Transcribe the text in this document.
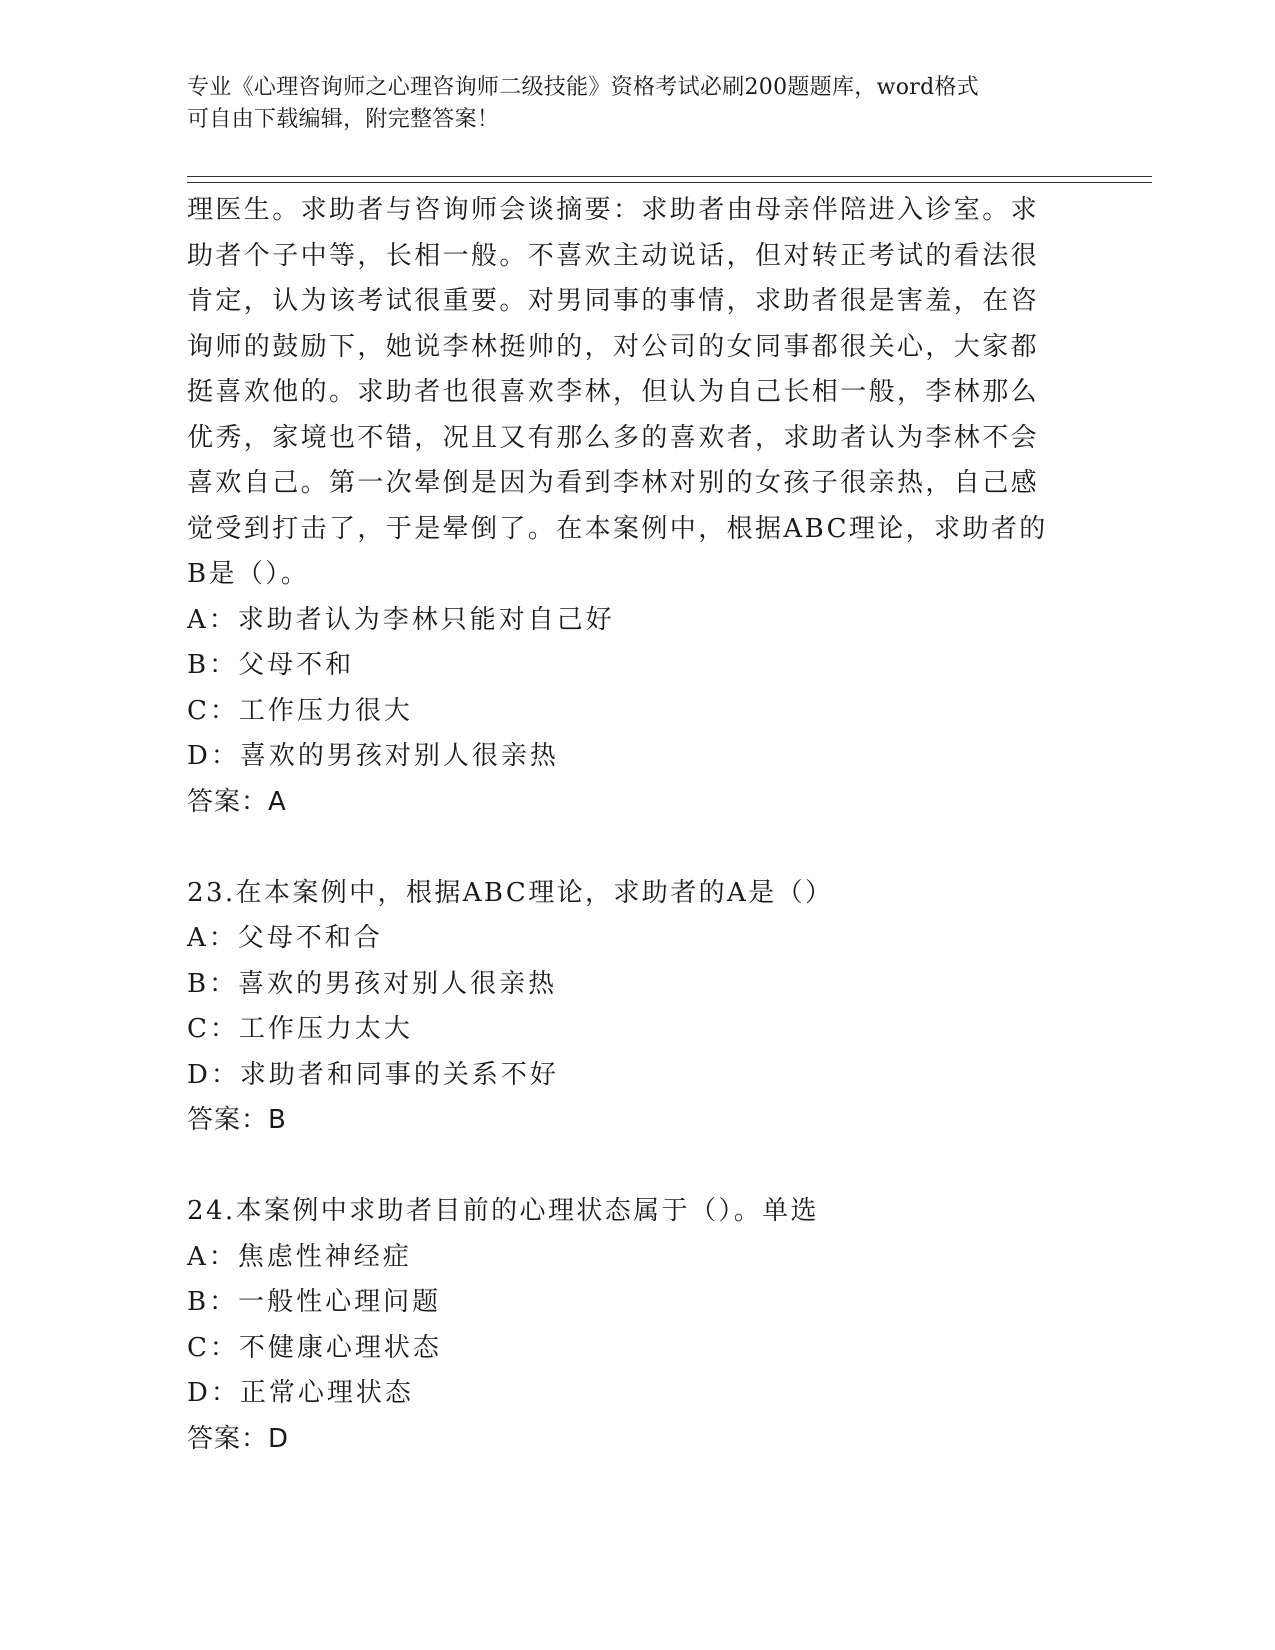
专业《心理咨询师之心理咨询师二级技能》资格考试必刷200题题库，word格式
可自由下载编辑，附完整答案！
理医生。求助者与咨询师会谈摘要：求助者由母亲伴陪进入诊室。求
助者个子中等，长相一般。不喜欢主动说话，但对转正考试的看法很
肯定，认为该考试很重要。对男同事的事情，求助者很是害羞，在咨
询师的鼓励下，她说李林挺帅的，对公司的女同事都很关心，大家都
挺喜欢他的。求助者也很喜欢李林，但认为自己长相一般，李林那么
优秀，家境也不错，况且又有那么多的喜欢者，求助者认为李林不会
喜欢自己。第一次晕倒是因为看到李林对别的女孩子很亲热，自己感
觉受到打击了，于是晕倒了。在本案例中，根据ABC理论，求助者的
B是（）。
A：求助者认为李林只能对自己好
B：父母不和
C：工作压力很大
D：喜欢的男孩对别人很亲热
答案：A
23.在本案例中，根据ABC理论，求助者的A是（）
A：父母不和合
B：喜欢的男孩对别人很亲热
C：工作压力太大
D：求助者和同事的关系不好
答案：B
24.本案例中求助者目前的心理状态属于（）。单选
A：焦虑性神经症
B：一般性心理问题
C：不健康心理状态
D：正常心理状态
答案：D
